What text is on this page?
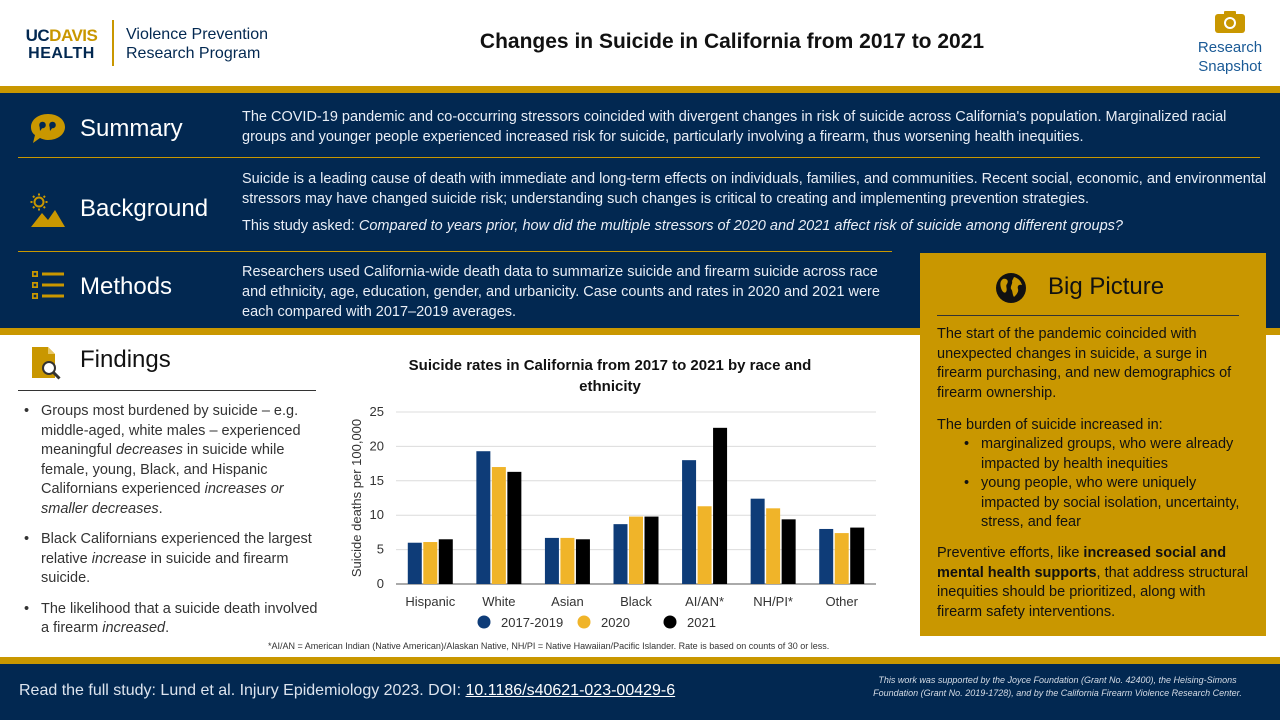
UCDAVIS
HEALTH
Violence Prevention
Research Program
Changes in Suicide in California from 2017 to 2021	Research
Snapshot
Summary	The COVID-19 pandemic and co-occurring stressors coincided with divergent changes in risk of suicide across California's population. Marginalized racial groups and younger people experienced increased risk for suicide, particularly involving a firearm, thus worsening health inequities.
Background
Suicide is a leading cause of death with immediate and long-term effects on individuals, families, and communities. Recent social, economic, and environmental stressors may have changed suicide risk; understanding such changes is critical to creating and implementing prevention strategies.
This study asked: Compared to years prior, how did the multiple stressors of 2020 and 2021 affect risk of suicide among different groups?
Methods
Researchers used California-wide death data to summarize suicide and firearm suicide across race and ethnicity, age, education, gender, and urbanicity. Case counts and rates in 2020 and 2021 were each compared with 2017–2019 averages.
Findings
• Groups most burdened by suicide – e.g. middle-aged, white males – experienced meaningful decreases in suicide while female, young, Black, and Hispanic Californians experienced increases or smaller decreases.
• Black Californians experienced the largest relative increase in suicide and firearm suicide.
• The likelihood that a suicide death involved a firearm increased.
Suicide rates in California from 2017 to 2021 by race and ethnicity
0
5
10
15
20
25
Suicide deaths per 100,000
Hispanic White	Asian	Black	AI/AN* NH/PI* Other
2017-2019	2020	2021
*AI/AN = American Indian (Native American)/Alaskan Native, NH/PI = Native Hawaiian/Pacific Islander. Rate is based on counts of 30 or less.
Big Picture
The start of the pandemic coincided with unexpected changes in suicide, a surge in firearm purchasing, and new demographics of firearm ownership.
The burden of suicide increased in:
• marginalized groups, who were already impacted by health inequities
• young people, who were uniquely impacted by social isolation, uncertainty, stress, and fear
Preventive efforts, like increased social and mental health supports, that address structural inequities should be prioritized, along with firearm safety interventions.
Read the full study: Lund et al. Injury Epidemiology 2023. DOI: 10.1186/s40621-023-00429-6
This work was supported by the Joyce Foundation (Grant No. 42400), the Heising-Simons Foundation (Grant No. 2019-1728), and by the California Firearm Violence Research Center.
